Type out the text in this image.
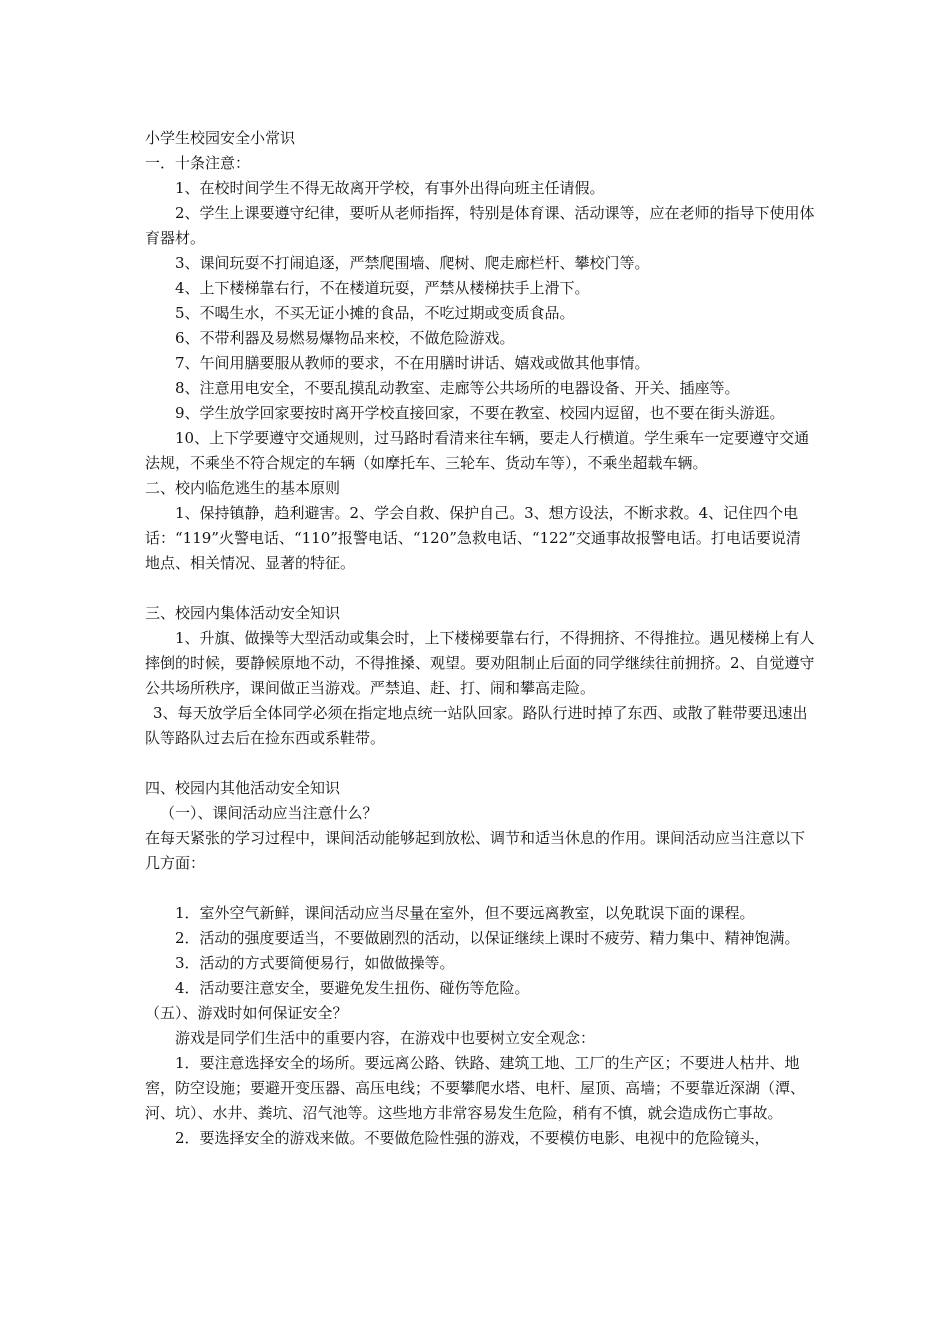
小学生校园安全小常识

一．十条注意：

1、在校时间学生不得无故离开学校，有事外出得向班主任请假。

2、学生上课要遵守纪律，要听从老师指挥，特别是体育课、活动课等，应在老师的指导下使用体育器材。

3、课间玩耍不打闹追逐，严禁爬围墙、爬树、爬走廊栏杆、攀校门等。

4、上下楼梯靠右行，不在楼道玩耍，严禁从楼梯扶手上滑下。

5、不喝生水，不买无证小摊的食品，不吃过期或变质食品。

6、不带利器及易燃易爆物品来校，不做危险游戏。

7、午间用膳要服从教师的要求，不在用膳时讲话、嬉戏或做其他事情。

8、注意用电安全，不要乱摸乱动教室、走廊等公共场所的电器设备、开关、插座等。

9、学生放学回家要按时离开学校直接回家，不要在教室、校园内逗留，也不要在街头游逛。

10、上下学要遵守交通规则，过马路时看清来往车辆，要走人行横道。学生乘车一定要遵守交通法规，不乘坐不符合规定的车辆（如摩托车、三轮车、货动车等），不乘坐超载车辆。

二、校内临危逃生的基本原则

1、保持镇静，趋利避害。2、学会自救、保护自己。3、想方设法，不断求救。4、记住四个电话：“119”火警电话、“110”报警电话、“120”急救电话、“122”交通事故报警电话。打电话要说清地点、相关情况、显著的特征。

三、校园内集体活动安全知识

1、升旗、做操等大型活动或集会时，上下楼梯要靠右行，不得拥挤、不得推拉。遇见楼梯上有人摔倒的时候，要静候原地不动，不得推搡、观望。要劝阻制止后面的同学继续往前拥挤。2、自觉遵守公共场所秩序，课间做正当游戏。严禁追、赶、打、闹和攀高走险。

3、每天放学后全体同学必须在指定地点统一站队回家。路队行进时掉了东西、或散了鞋带要迅速出队等路队过去后在捡东西或系鞋带。

四、校园内其他活动安全知识

（一）、课间活动应当注意什么？

在每天紧张的学习过程中，课间活动能够起到放松、调节和适当休息的作用。课间活动应当注意以下几方面：

1．室外空气新鲜，课间活动应当尽量在室外，但不要远离教室，以免耽误下面的课程。

2．活动的强度要适当，不要做剧烈的活动，以保证继续上课时不疲劳、精力集中、精神饱满。

3．活动的方式要简便易行，如做做操等。

4．活动要注意安全，要避免发生扭伤、碰伤等危险。

（五）、游戏时如何保证安全？

游戏是同学们生活中的重要内容，在游戏中也要树立安全观念：

1．要注意选择安全的场所。要远离公路、铁路、建筑工地、工厂的生产区；不要进人枯井、地窖，防空设施；要避开变压器、高压电线；不要攀爬水塔、电杆、屋顶、高墙；不要靠近深湖（潭、河、坑）、水井、粪坑、沼气池等。这些地方非常容易发生危险，稍有不慎，就会造成伤亡事故。

2．要选择安全的游戏来做。不要做危险性强的游戏，不要模仿电影、电视中的危险镜头，
